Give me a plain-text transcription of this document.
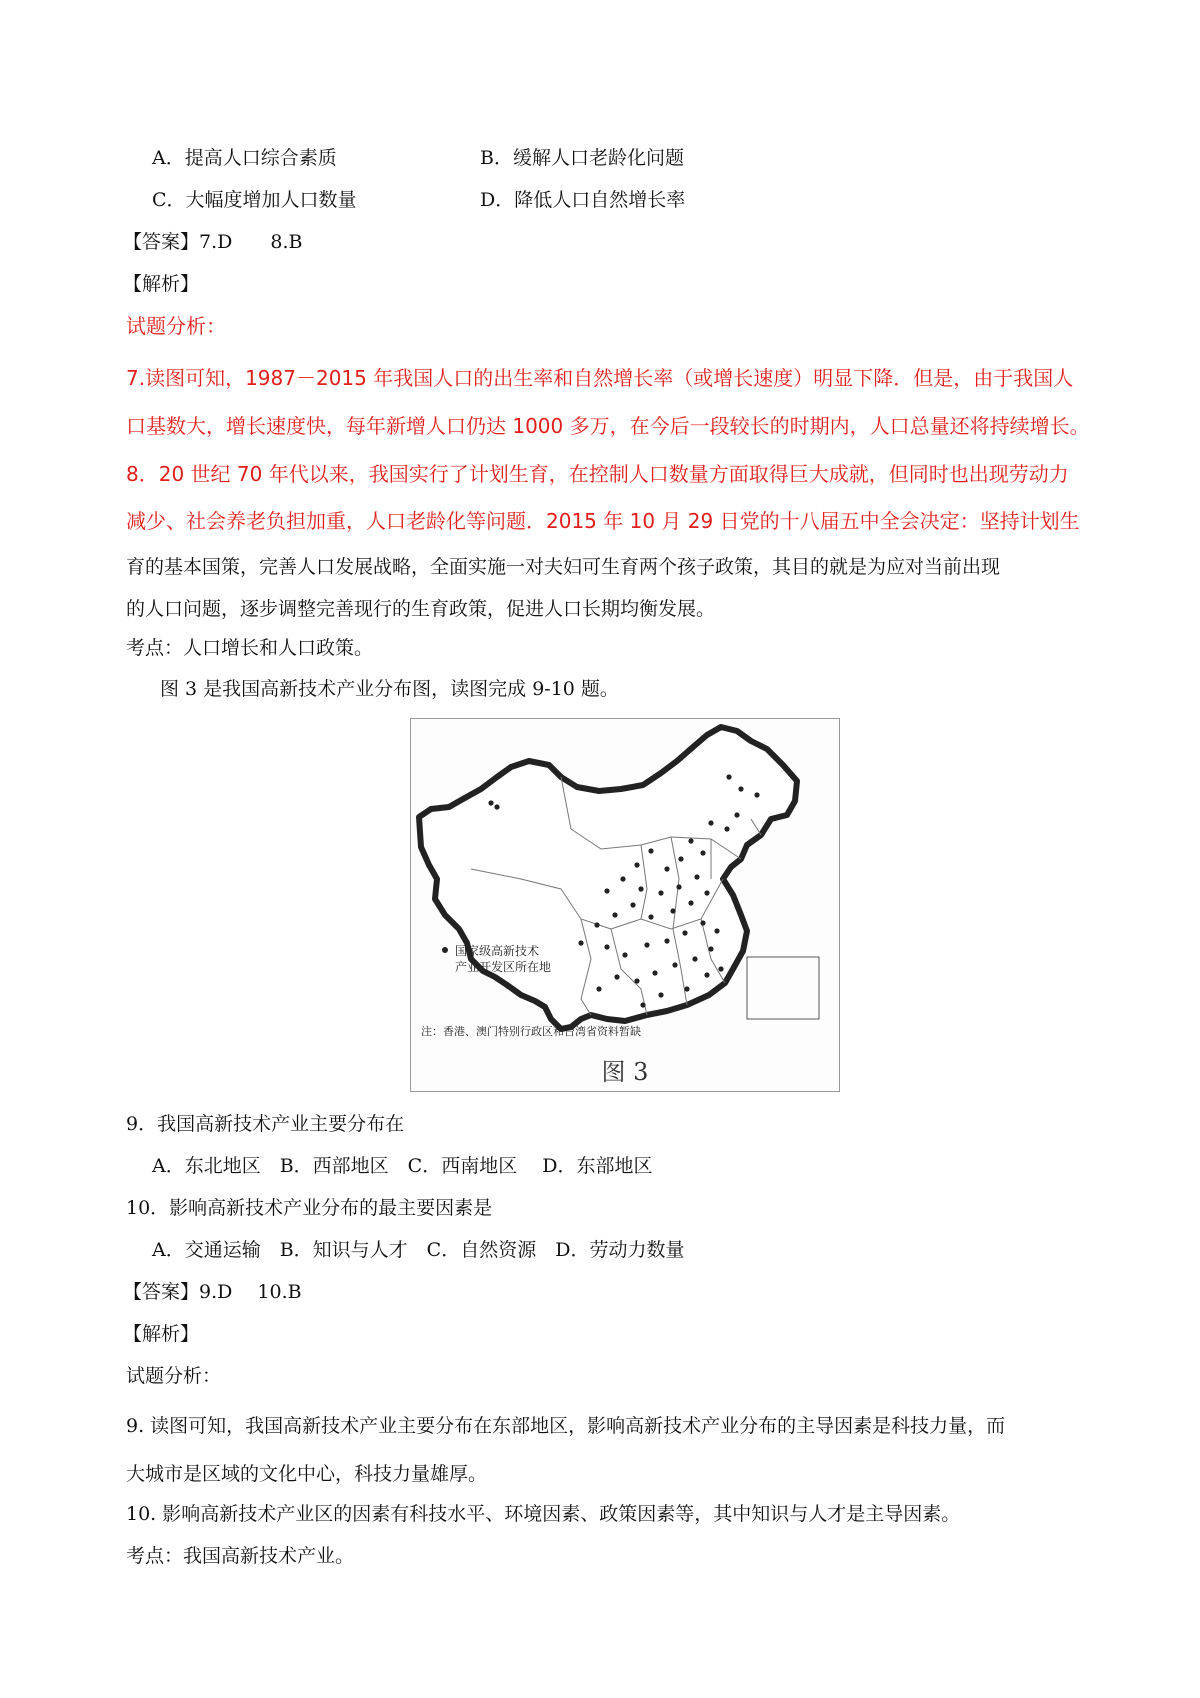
A．提高人口综合素质	B．缓解人口老龄化问题
C．大幅度增加人口数量	D．降低人口自然增长率
【答案】7.D　　8.B
【解析】
试题分析：
7.读图可知，1987－2015 年我国人口的出生率和自然增长率（或增长速度）明显下降．但是，由于我国人
口基数大，增长速度快，每年新增人口仍达 1000 多万，在今后一段较长的时期内，人口总量还将持续增长。
8．20 世纪 70 年代以来，我国实行了计划生育，在控制人口数量方面取得巨大成就，但同时也出现劳动力
减少、社会养老负担加重，人口老龄化等问题．2015 年 10 月 29 日党的十八届五中全会决定：坚持计划生
育的基本国策，完善人口发展战略，全面实施一对夫妇可生育两个孩子政策，其目的就是为应对当前出现
的人口问题，逐步调整完善现行的生育政策，促进人口长期均衡发展。
考点：人口增长和人口政策。
图 3 是我国高新技术产业分布图，读图完成 9-10 题。
国家级高新技术
产业开发区所在地
注：香港、澳门特别行政区和台湾省资料暂缺
图 3
9．我国高新技术产业主要分布在
A．东北地区　B．西部地区　C．西南地区　 D．东部地区
10．影响高新技术产业分布的最主要因素是
A．交通运输　B．知识与人才　C．自然资源　D．劳动力数量
【答案】9.D　 10.B
【解析】
试题分析：
9. 读图可知，我国高新技术产业主要分布在东部地区，影响高新技术产业分布的主导因素是科技力量，而
大城市是区域的文化中心，科技力量雄厚。
10. 影响高新技术产业区的因素有科技水平、环境因素、政策因素等，其中知识与人才是主导因素。
考点：我国高新技术产业。
